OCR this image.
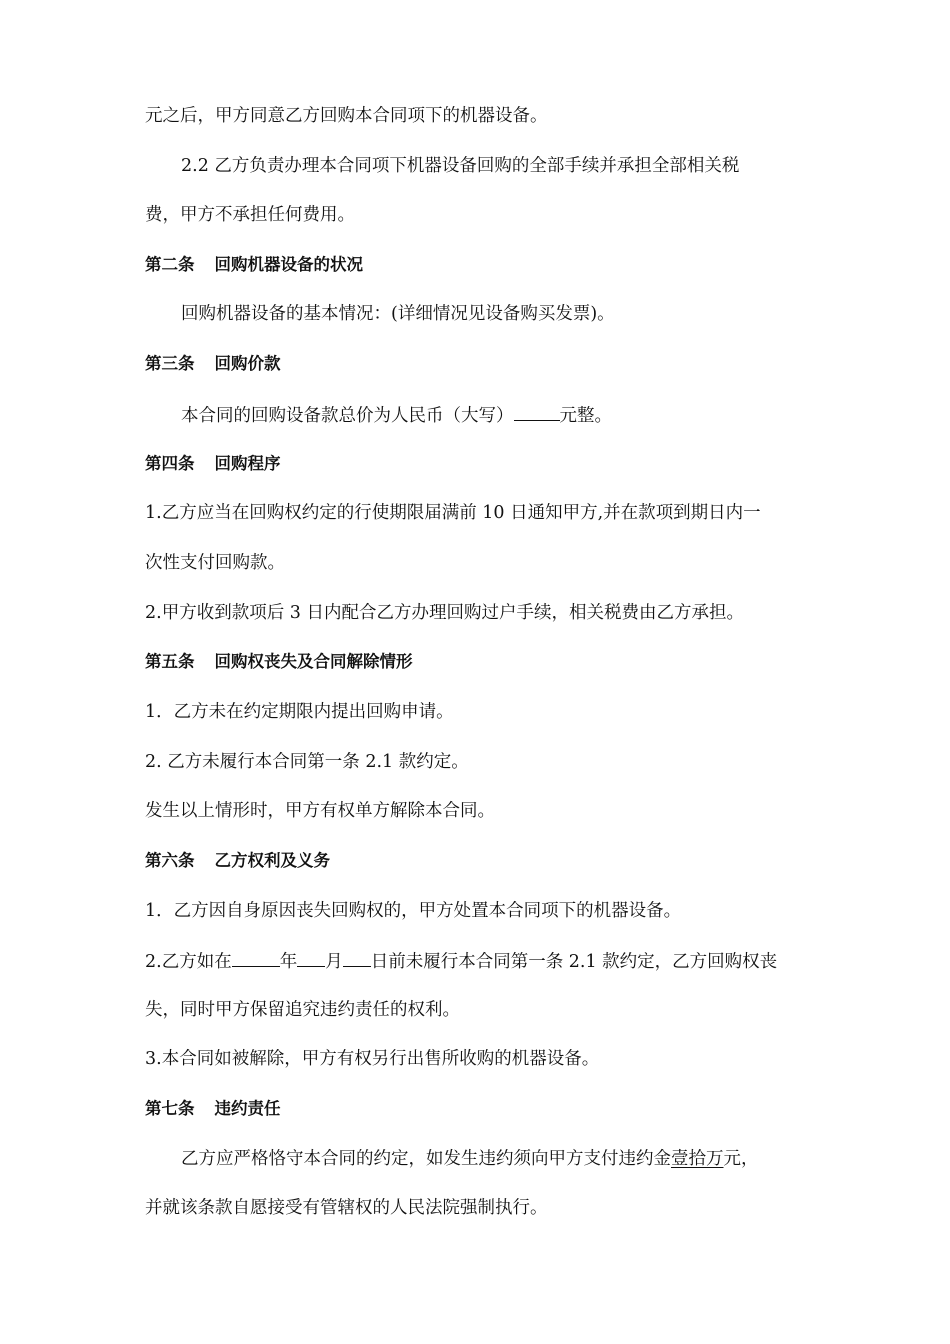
元之后，甲方同意乙方回购本合同项下的机器设备。
2.2 乙方负责办理本合同项下机器设备回购的全部手续并承担全部相关税
费，甲方不承担任何费用。
第二条 回购机器设备的状况
回购机器设备的基本情况：(详细情况见设备购买发票)。
第三条 回购价款
本合同的回购设备款总价为人民币（大写）	元整。
第四条 回购程序
1.乙方应当在回购权约定的行使期限届满前 10 日通知甲方,并在款项到期日内一
次性支付回购款。
2.甲方收到款项后 3 日内配合乙方办理回购过户手续，相关税费由乙方承担。
第五条 回购权丧失及合同解除情形
1．乙方未在约定期限内提出回购申请。
2. 乙方未履行本合同第一条 2.1 款约定。
发生以上情形时，甲方有权单方解除本合同。
第六条 乙方权利及义务
1．乙方因自身原因丧失回购权的，甲方处置本合同项下的机器设备。
2.乙方如在	年 月 日前未履行本合同第一条 2.1 款约定，乙方回购权丧
失，同时甲方保留追究违约责任的权利。
3.本合同如被解除，甲方有权另行出售所收购的机器设备。
第七条 违约责任
乙方应严格恪守本合同的约定，如发生违约须向甲方支付违约金壹拾万元，
并就该条款自愿接受有管辖权的人民法院强制执行。
